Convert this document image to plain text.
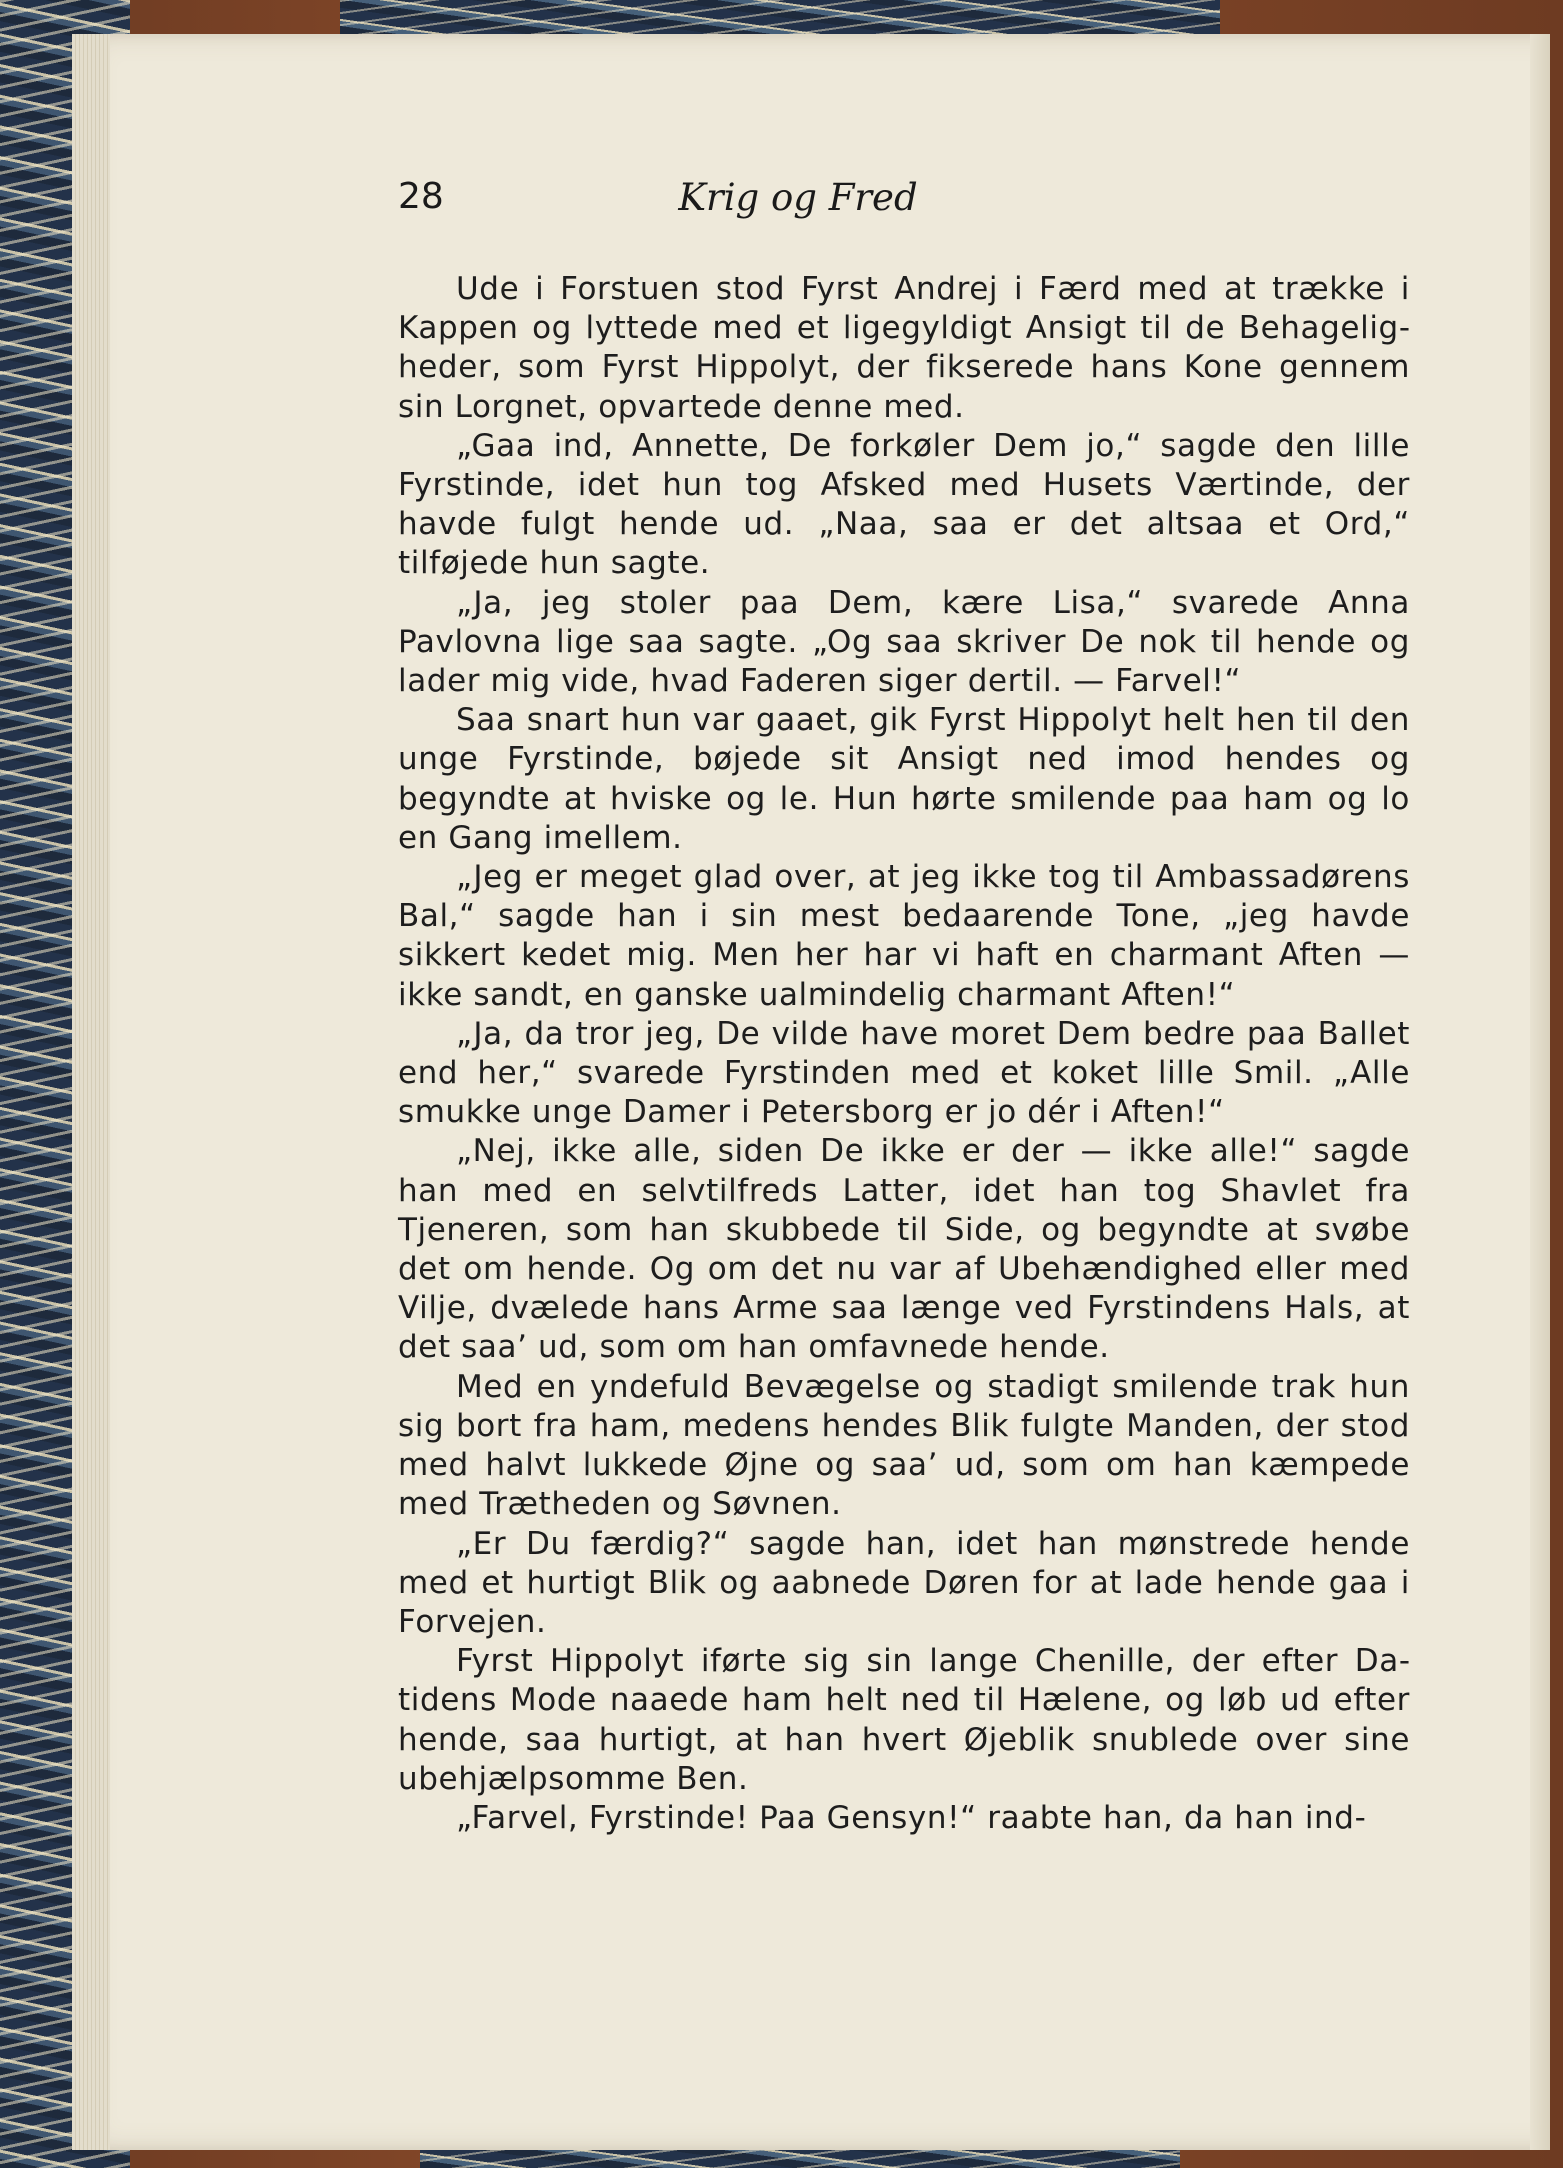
28	Krig og Fred

Ude i Forstuen stod Fyrst Andrej i Færd med at trække i Kappen og lyttede med et ligegyldigt Ansigt til de Behageligheder, som Fyrst Hippolyt, der fikserede hans Kone gennem sin Lorgnet, opvartede denne med.

„Gaa ind, Annette, De forkøler Dem jo,“ sagde den lille Fyrstinde, idet hun tog Afsked med Husets Værtinde, der havde fulgt hende ud. „Naa, saa er det altsaa et Ord,“ tilføjede hun sagte.

„Ja, jeg stoler paa Dem, kære Lisa,“ svarede Anna Pavlovna lige saa sagte. „Og saa skriver De nok til hende og lader mig vide, hvad Faderen siger dertil. — Farvel!“

Saa snart hun var gaaet, gik Fyrst Hippolyt helt hen til den unge Fyrstinde, bøjede sit Ansigt ned imod hendes og begyndte at hviske og le. Hun hørte smilende paa ham og lo en Gang imellem.

„Jeg er meget glad over, at jeg ikke tog til Ambassadørens Bal,“ sagde han i sin mest bedaarende Tone, „jeg havde sikkert kedet mig. Men her har vi haft en charmant Aften — ikke sandt, en ganske ualmindelig charmant Aften!“

„Ja, da tror jeg, De vilde have moret Dem bedre paa Ballet end her,“ svarede Fyrstinden med et koket lille Smil. „Alle smukke unge Damer i Petersborg er jo dér i Aften!“

„Nej, ikke alle, siden De ikke er der — ikke alle!“ sagde han med en selvtilfreds Latter, idet han tog Shavlet fra Tjeneren, som han skubbede til Side, og begyndte at svøbe det om hende. Og om det nu var af Ubehændighed eller med Vilje, dvælede hans Arme saa længe ved Fyrstindens Hals, at det saa’ ud, som om han omfavnede hende.

Med en yndefuld Bevægelse og stadigt smilende trak hun sig bort fra ham, medens hendes Blik fulgte Manden, der stod med halvt lukkede Øjne og saa’ ud, som om han kæmpede med Trætheden og Søvnen.

„Er Du færdig?“ sagde han, idet han mønstrede hende med et hurtigt Blik og aabnede Døren for at lade hende gaa i Forvejen.

Fyrst Hippolyt iførte sig sin lange Chenille, der efter Datidens Mode naaede ham helt ned til Hælene, og løb ud efter hende, saa hurtigt, at han hvert Øjeblik snublede over sine ubehjælpsomme Ben.

„Farvel, Fyrstinde! Paa Gensyn!“ raabte han, da han ind-
